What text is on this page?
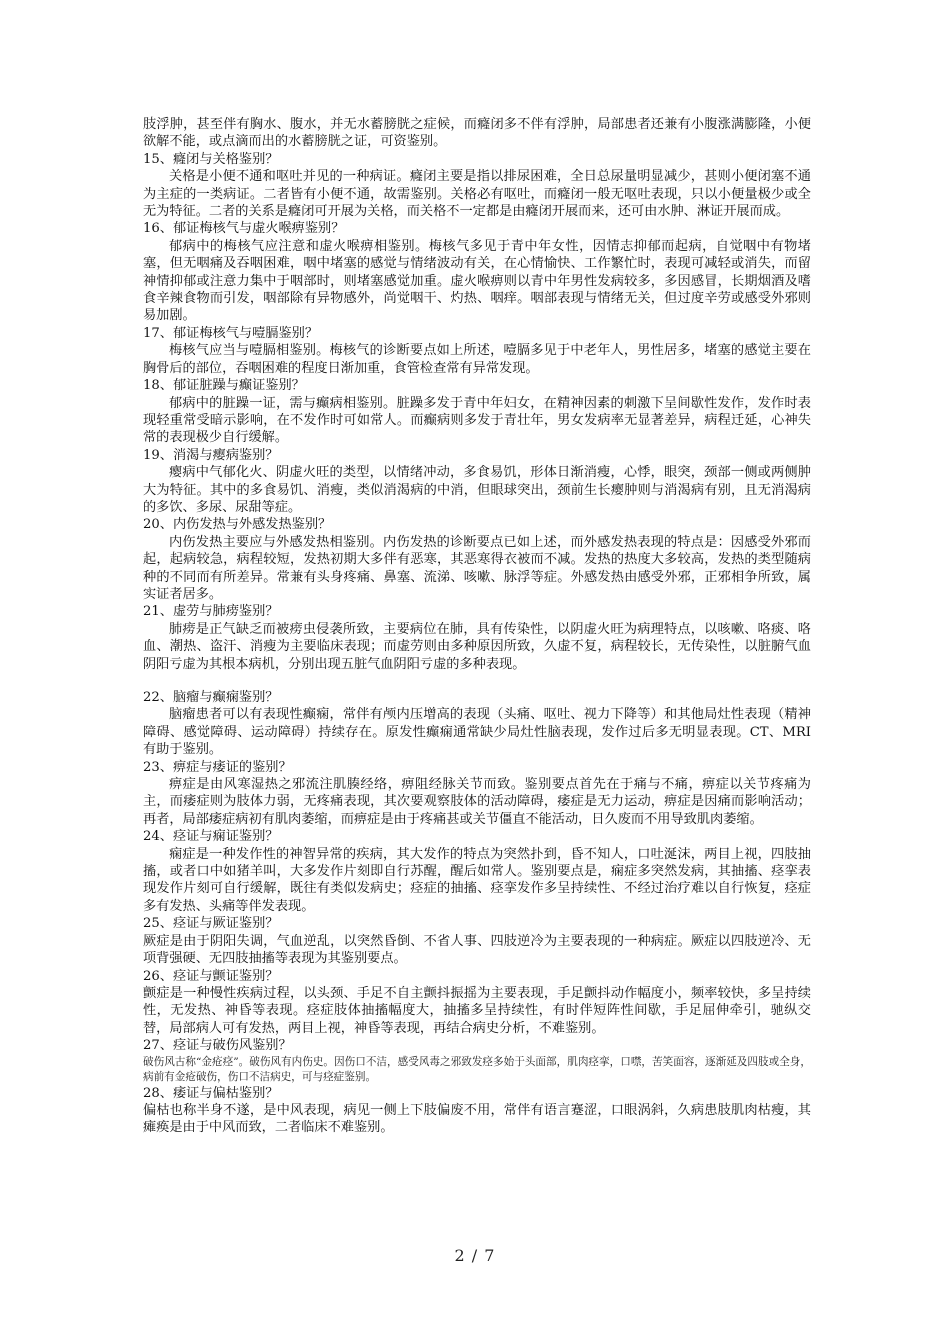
肢浮肿，甚至伴有胸水、腹水，并无水蓄膀胱之症候，而癃闭多不伴有浮肿，局部患者还兼有小腹涨满膨隆，小便欲解不能，或点滴而出的水蓄膀胱之证，可资鉴别。

15、癃闭与关格鉴别？

关格是小便不通和呕吐并见的一种病证。癃闭主要是指以排尿困难，全日总尿量明显减少，甚则小便闭塞不通为主症的一类病证。二者皆有小便不通，故需鉴别。关格必有呕吐，而癃闭一般无呕吐表现，只以小便量极少或全无为特征。二者的关系是癃闭可开展为关格，而关格不一定都是由癃闭开展而来，还可由水肿、淋证开展而成。

16、郁证梅核气与虚火喉痹鉴别？

郁病中的梅核气应注意和虚火喉痹相鉴别。梅核气多见于青中年女性，因情志抑郁而起病，自觉咽中有物堵塞，但无咽痛及吞咽困难，咽中堵塞的感觉与情绪波动有关，在心情愉快、工作繁忙时，表现可减轻或消失，而留神情抑郁或注意力集中于咽部时，则堵塞感觉加重。虚火喉痹则以青中年男性发病较多，多因感冒，长期烟酒及嗜食辛辣食物而引发，咽部除有异物感外，尚觉咽干、灼热、咽痒。咽部表现与情绪无关，但过度辛劳或感受外邪则易加剧。

17、郁证梅核气与噎膈鉴别？

梅核气应当与噎膈相鉴别。梅核气的诊断要点如上所述，噎膈多见于中老年人，男性居多，堵塞的感觉主要在胸骨后的部位，吞咽困难的程度日渐加重，食管检查常有异常发现。

18、郁证脏躁与癫证鉴别？

郁病中的脏躁一证，需与癫病相鉴别。脏躁多发于青中年妇女，在精神因素的刺激下呈间歇性发作，发作时表现轻重常受暗示影响，在不发作时可如常人。而癫病则多发于青壮年，男女发病率无显著差异，病程迁延，心神失常的表现极少自行缓解。

19、消渴与瘿病鉴别？

瘿病中气郁化火、阴虚火旺的类型，以情绪冲动，多食易饥，形体日渐消瘦，心悸，眼突，颈部一侧或两侧肿大为特征。其中的多食易饥、消瘦，类似消渴病的中消，但眼球突出，颈前生长瘿肿则与消渴病有别，且无消渴病的多饮、多尿、尿甜等症。

20、内伤发热与外感发热鉴别？

内伤发热主要应与外感发热相鉴别。内伤发热的诊断要点已如上述，而外感发热表现的特点是：因感受外邪而起，起病较急，病程较短，发热初期大多伴有恶寒，其恶寒得衣被而不减。发热的热度大多较高，发热的类型随病种的不同而有所差异。常兼有头身疼痛、鼻塞、流涕、咳嗽、脉浮等症。外感发热由感受外邪，正邪相争所致，属实证者居多。

21、虚劳与肺痨鉴别？

肺痨是正气缺乏而被痨虫侵袭所致，主要病位在肺，具有传染性，以阴虚火旺为病理特点，以咳嗽、咯痰、咯血、潮热、盗汗、消瘦为主要临床表现；而虚劳则由多种原因所致，久虚不复，病程较长，无传染性，以脏腑气血阴阳亏虚为其根本病机，分别出现五脏气血阴阳亏虚的多种表现。

22、脑瘤与癫痫鉴别？

脑瘤患者可以有表现性癫痫，常伴有颅内压增高的表现（头痛、呕吐、视力下降等）和其他局灶性表现（精神障碍、感觉障碍、运动障碍）持续存在。原发性癫痫通常缺少局灶性脑表现，发作过后多无明显表现。CT、MRI 有助于鉴别。

23、痹症与痿证的鉴别？

痹症是由风寒湿热之邪流注肌腠经络，痹阻经脉关节而致。鉴别要点首先在于痛与不痛，痹症以关节疼痛为主，而痿症则为肢体力弱，无疼痛表现，其次要观察肢体的活动障碍，痿症是无力运动，痹症是因痛而影响活动；再者，局部痿症病初有肌肉萎缩，而痹症是由于疼痛甚或关节僵直不能活动，日久废而不用导致肌肉萎缩。

24、痉证与痫证鉴别？

痫症是一种发作性的神智异常的疾病，其大发作的特点为突然扑到，昏不知人，口吐涎沫，两目上视，四肢抽搐，或者口中如猪羊叫，大多发作片刻即自行苏醒，醒后如常人。鉴别要点是，痫症多突然发病，其抽搐、痉挛表现发作片刻可自行缓解，既往有类似发病史；痉症的抽搐、痉挛发作多呈持续性、不经过治疗难以自行恢复，痉症多有发热、头痛等伴发表现。

25、痉证与厥证鉴别？

厥症是由于阴阳失调，气血逆乱，以突然昏倒、不省人事、四肢逆冷为主要表现的一种病症。厥症以四肢逆冷、无项背强硬、无四肢抽搐等表现为其鉴别要点。

26、痉证与颤证鉴别？

颤症是一种慢性疾病过程，以头颈、手足不自主颤抖振摇为主要表现，手足颤抖动作幅度小，频率较快，多呈持续性，无发热、神昏等表现。痉症肢体抽搐幅度大，抽搐多呈持续性，有时伴短阵性间歇，手足屈伸牵引，驰纵交替，局部病人可有发热，两目上视，神昏等表现，再结合病史分析，不难鉴别。

27、痉证与破伤风鉴别？

破伤风古称“金疮痉”。破伤风有内伤史。因伤口不洁，感受风毒之邪致发痉多始于头面部，肌肉痉挛，口噤，苦笑面容，逐渐延及四肢或全身，病前有金疮破伤，伤口不洁病史，可与痉症鉴别。

28、痿证与偏枯鉴别？

偏枯也称半身不遂，是中风表现，病见一侧上下肢偏废不用，常伴有语言蹇涩，口眼涡斜，久病患肢肌肉枯瘦，其瘫痪是由于中风而致，二者临床不难鉴别。

2 / 7
